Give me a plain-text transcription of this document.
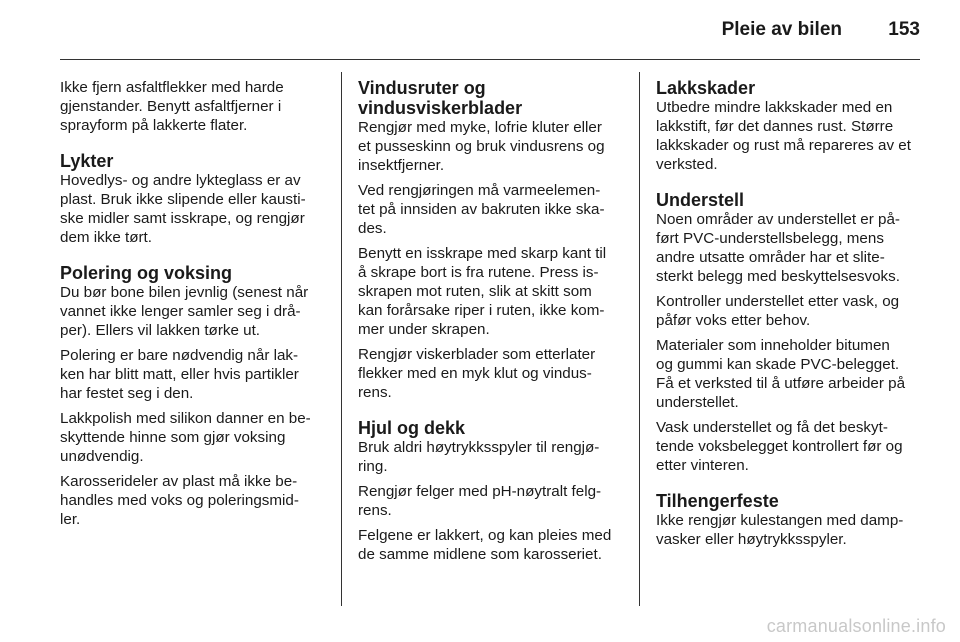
Pleie av bilen 153

Ikke fjern asfaltflekker med harde
gjenstander. Benytt asfaltfjerner i
sprayform på lakkerte flater.

Lykter

Hovedlys- og andre lykteglass er av
plast. Bruk ikke slipende eller kausti-
ske midler samt isskrape, og rengjør
dem ikke tørt.

Polering og voksing

Du bør bone bilen jevnlig (senest når
vannet ikke lenger samler seg i drå-
per). Ellers vil lakken tørke ut.

Polering er bare nødvendig når lak-
ken har blitt matt, eller hvis partikler
har festet seg i den.

Lakkpolish med silikon danner en be-
skyttende hinne som gjør voksing
unødvendig.

Karosserideler av plast må ikke be-
handles med voks og poleringsmid-
ler.

Vindusruter og
vindusviskerblader

Rengjør med myke, lofrie kluter eller
et pusseskinn og bruk vindusrens og
insektfjerner.

Ved rengjøringen må varmeelemen-
tet på innsiden av bakruten ikke ska-
des.

Benytt en isskrape med skarp kant til
å skrape bort is fra rutene. Press is-
skrapen mot ruten, slik at skitt som
kan forårsake riper i ruten, ikke kom-
mer under skrapen.

Rengjør viskerblader som etterlater
flekker med en myk klut og vindus-
rens.

Hjul og dekk

Bruk aldri høytrykksspyler til rengjø-
ring.

Rengjør felger med pH-nøytralt felg-
rens.

Felgene er lakkert, og kan pleies med
de samme midlene som karosseriet.

Lakkskader

Utbedre mindre lakkskader med en
lakkstift, før det dannes rust. Større
lakkskader og rust må repareres av et
verksted.

Understell

Noen områder av understellet er på-
ført PVC-understellsbelegg, mens
andre utsatte områder har et slite-
sterkt belegg med beskyttelsesvoks.

Kontroller understellet etter vask, og
påfør voks etter behov.

Materialer som inneholder bitumen
og gummi kan skade PVC-belegget.
Få et verksted til å utføre arbeider på
understellet.

Vask understellet og få det beskyt-
tende voksbelegget kontrollert før og
etter vinteren.

Tilhengerfeste

Ikke rengjør kulestangen med damp-
vasker eller høytrykksspyler.

carmanualsonline.info
